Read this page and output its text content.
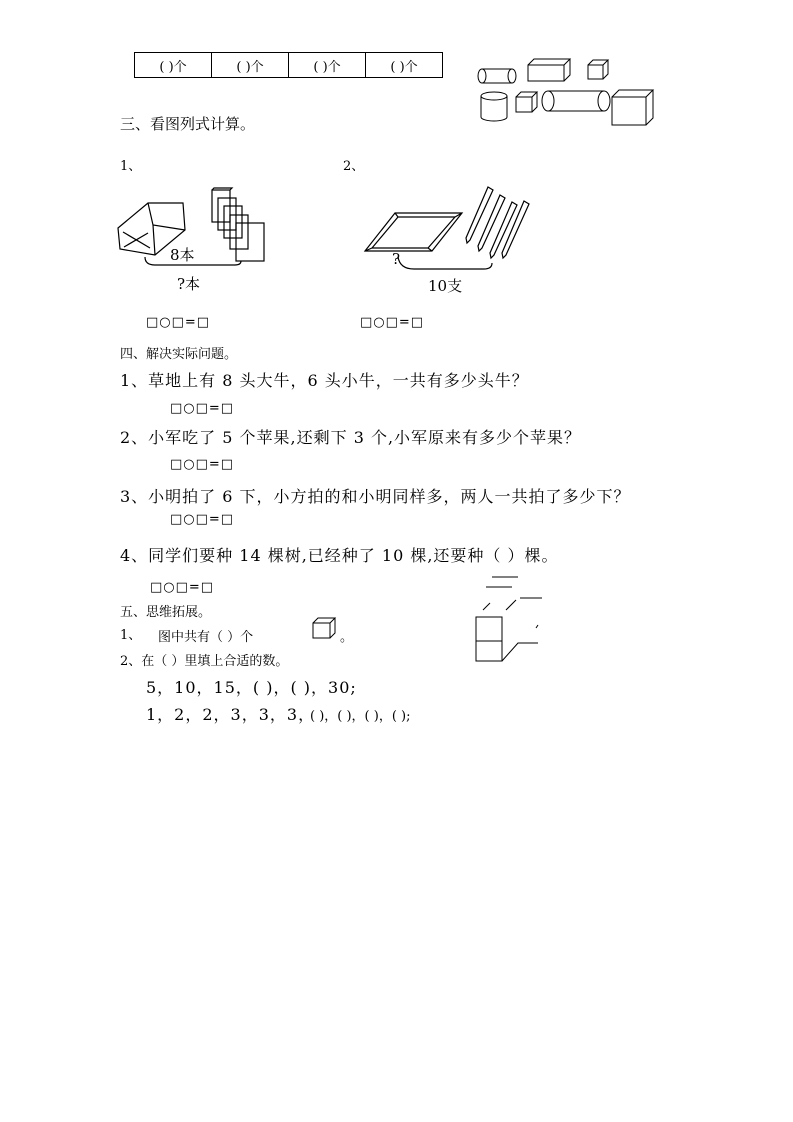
( )个	( )个	( )个	( )个
三、看图列式计算。
1、	2、
8本
?本
?
10支
□○□=□	□○□=□
四、解决实际问题。
1、草地上有 8 头大牛，6 头小牛，一共有多少头牛？
□○□=□
2、小军吃了 5 个苹果,还剩下 3 个,小军原来有多少个苹果？
□○□=□
3、小明拍了 6 下，小方拍的和小明同样多，两人一共拍了多少下？
□○□=□
4、同学们要种 14 棵树,已经种了 10 棵,还要种（ ）棵。
□○□=□
五、思维拓展。
1、 图中共有（ ）个	。
2、在（ ）里填上合适的数。
5，10，15，( )，( )，30;
1，2，2，3，3，3，
( )，( )，( )，( );
